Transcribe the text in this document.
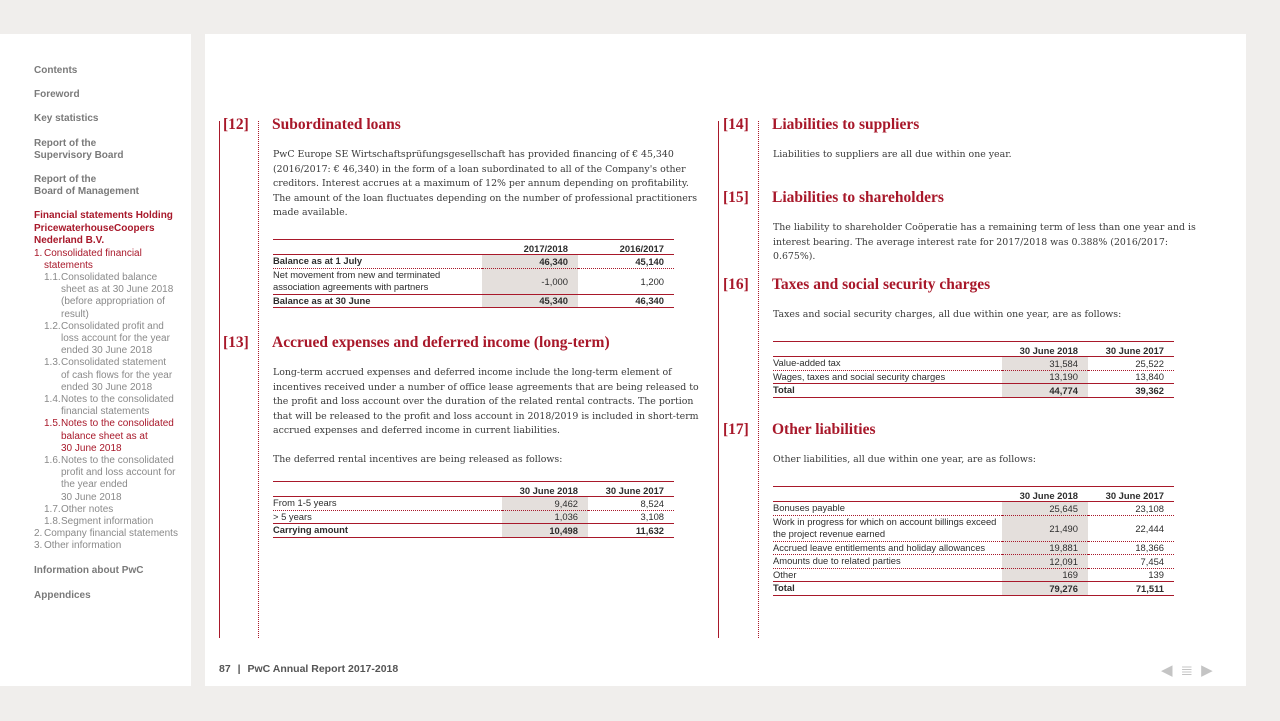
Contents
Foreword
Key statistics
Report of the
Supervisory Board
Report of the
Board of Management
Financial statements Holding
PricewaterhouseCoopers
Nederland B.V.
1. Consolidated financial
statements
1.1. Consolidated balance
sheet as at 30 June 2018
(before appropriation of
result)
1.2. Consolidated profit and
loss account for the year
ended 30 June 2018
1.3. Consolidated statement
of cash flows for the year
ended 30 June 2018
1.4. Notes to the consolidated
financial statements
1.5. Notes to the consolidated
balance sheet as at
30 June 2018
1.6. Notes to the consolidated
profit and loss account for
the year ended
30 June 2018
1.7. Other notes
1.8. Segment information
2. Company financial statements
3. Other information
Information about PwC
Appendices
[12] Subordinated loans

PwC Europe SE Wirtschaftsprüfungsgesellschaft has provided financing of € 45,340 (2016/2017: € 46,340) in the form of a loan subordinated to all of the Company's other creditors. Interest accrues at a maximum of 12% per annum depending on profitability. The amount of the loan fluctuates depending on the number of professional practitioners made available.

	2017/2018	2016/2017
Balance as at 1 July	46,340	45,140
Net movement from new and terminated association agreements with partners	-1,000	1,200
Balance as at 30 June	45,340	46,340
[13] Accrued expenses and deferred income (long-term)

Long-term accrued expenses and deferred income include the long-term element of incentives received under a number of office lease agreements that are being released to the profit and loss account over the duration of the related rental contracts. The portion that will be released to the profit and loss account in 2018/2019 is included in short-term accrued expenses and deferred income in current liabilities.

The deferred rental incentives are being released as follows:

	30 June 2018	30 June 2017
From 1-5 years	9,462	8,524
> 5 years	1,036	3,108
Carrying amount	10,498	11,632
[14] Liabilities to suppliers

Liabilities to suppliers are all due within one year.

[15] Liabilities to shareholders

The liability to shareholder Coöperatie has a remaining term of less than one year and is interest bearing. The average interest rate for 2017/2018 was 0.388% (2016/2017: 0.675%).

[16] Taxes and social security charges

Taxes and social security charges, all due within one year, are as follows:

	30 June 2018	30 June 2017
Value-added tax	31,584	25,522
Wages, taxes and social security charges	13,190	13,840
Total	44,774	39,362
[17] Other liabilities

Other liabilities, all due within one year, are as follows:

	30 June 2018	30 June 2017
Bonuses payable	25,645	23,108
Work in progress for which on account billings exceed the project revenue earned	21,490	22,444
Accrued leave entitlements and holiday allowances	19,881	18,366
Amounts due to related parties	12,091	7,454
Other	169	139
Total	79,276	71,511
87 | PwC Annual Report 2017-2018	◀≣▶
